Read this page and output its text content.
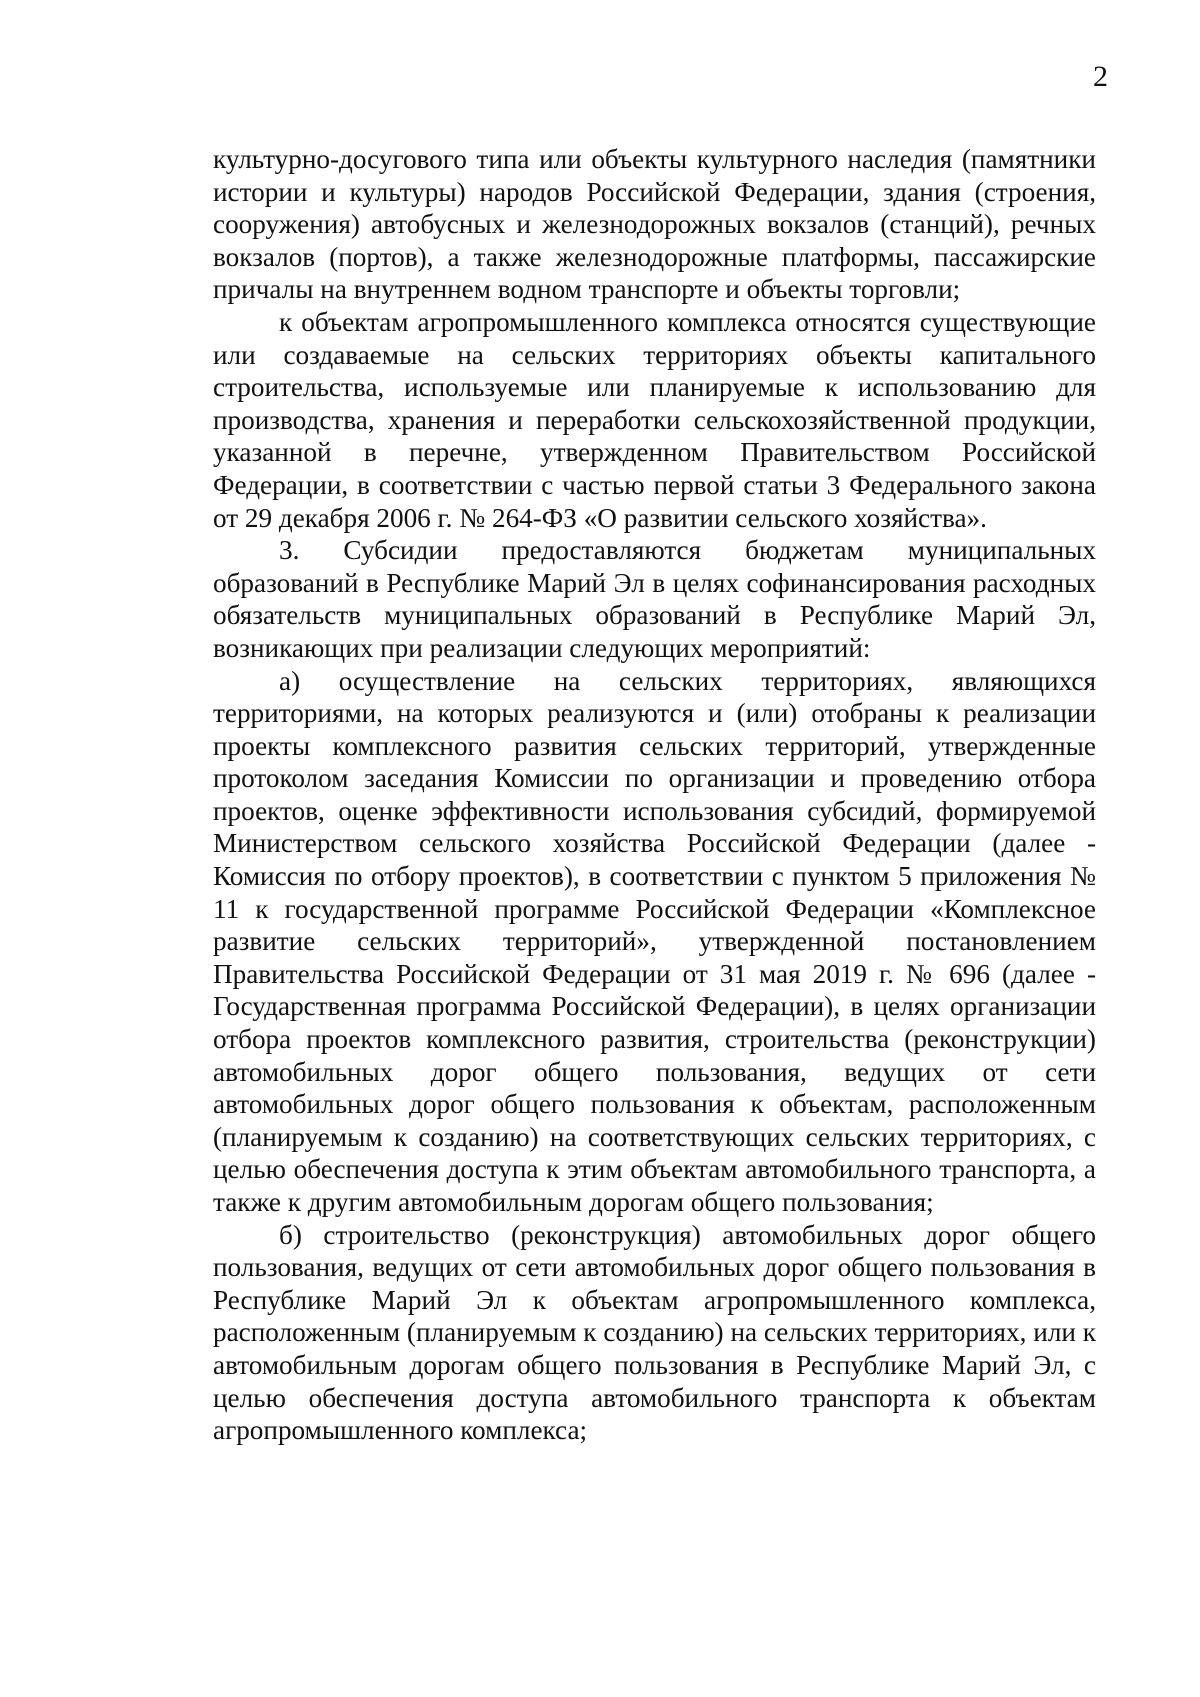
2

культурно-досугового типа или объекты культурного наследия (памятники истории и культуры) народов Российской Федерации, здания (строения, сооружения) автобусных и железнодорожных вокзалов (станций), речных вокзалов (портов), а также железнодорожные платформы, пассажирские причалы на внутреннем водном транспорте и объекты торговли;

к объектам агропромышленного комплекса относятся существующие или создаваемые на сельских территориях объекты капитального строительства, используемые или планируемые к использованию для производства, хранения и переработки сельскохозяйственной продукции, указанной в перечне, утвержденном Правительством Российской Федерации, в соответствии с частью первой статьи 3 Федерального закона от 29 декабря 2006 г. № 264-ФЗ «О развитии сельского хозяйства».

3. Субсидии предоставляются бюджетам муниципальных образований в Республике Марий Эл в целях софинансирования расходных обязательств муниципальных образований в Республике Марий Эл, возникающих при реализации следующих мероприятий:

а) осуществление на сельских территориях, являющихся территориями, на которых реализуются и (или) отобраны к реализации проекты комплексного развития сельских территорий, утвержденные протоколом заседания Комиссии по организации и проведению отбора проектов, оценке эффективности использования субсидий, формируемой Министерством сельского хозяйства Российской Федерации (далее - Комиссия по отбору проектов), в соответствии с пунктом 5 приложения № 11 к государственной программе Российской Федерации «Комплексное развитие сельских территорий», утвержденной постановлением Правительства Российской Федерации от 31 мая 2019 г. № 696 (далее - Государственная программа Российской Федерации), в целях организации отбора проектов комплексного развития, строительства (реконструкции) автомобильных дорог общего пользования, ведущих от сети автомобильных дорог общего пользования к объектам, расположенным (планируемым к созданию) на соответствующих сельских территориях, с целью обеспечения доступа к этим объектам автомобильного транспорта, а также к другим автомобильным дорогам общего пользования;

б) строительство (реконструкция) автомобильных дорог общего пользования, ведущих от сети автомобильных дорог общего пользования в Республике Марий Эл к объектам агропромышленного комплекса, расположенным (планируемым к созданию) на сельских территориях, или к автомобильным дорогам общего пользования в Республике Марий Эл, с целью обеспечения доступа автомобильного транспорта к объектам агропромышленного комплекса;
